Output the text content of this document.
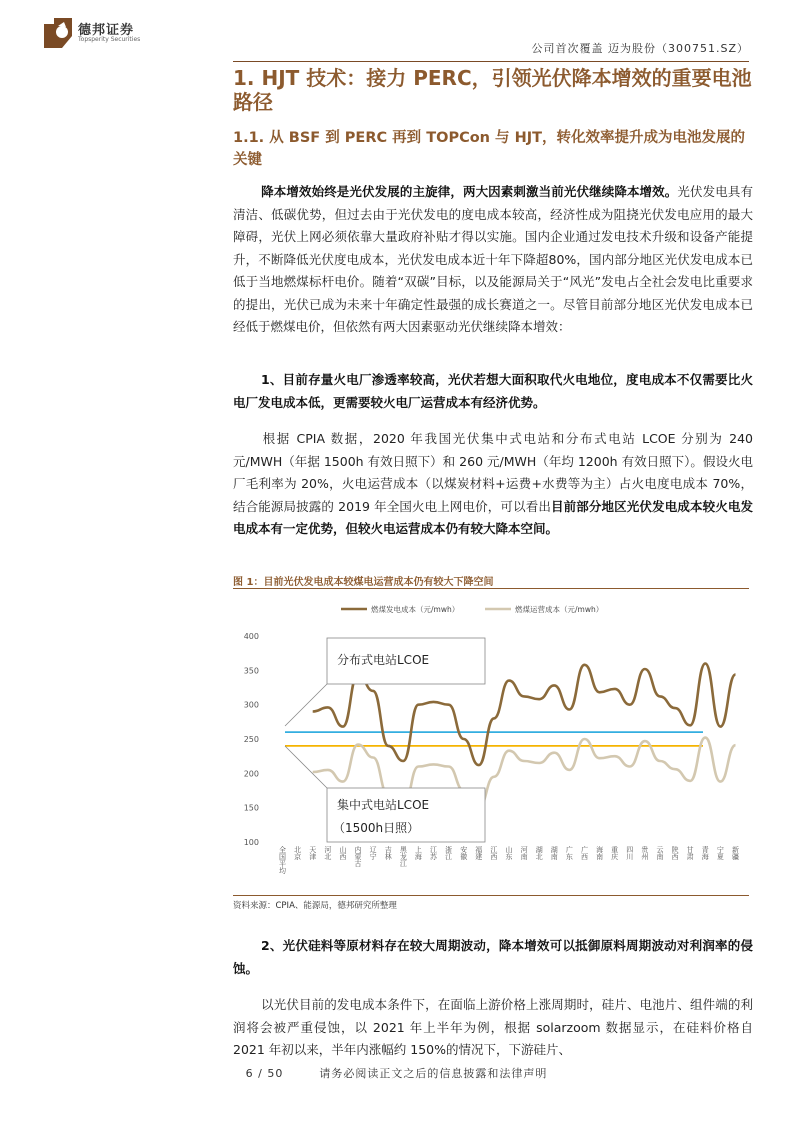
德邦证券
Topsperity Securities
公司首次覆盖 迈为股份（300751.SZ）
1. HJT 技术：接力 PERC，引领光伏降本增效的重要电池路径
1.1. 从 BSF 到 PERC 再到 TOPCon 与 HJT，转化效率提升成为电池发展的关键
降本增效始终是光伏发展的主旋律，两大因素刺激当前光伏继续降本增效。光伏发电具有清洁、低碳优势，但过去由于光伏发电的度电成本较高，经济性成为阻挠光伏发电应用的最大障碍，光伏上网必须依靠大量政府补贴才得以实施。国内企业通过发电技术升级和设备产能提升，不断降低光伏度电成本，光伏发电成本近十年下降超80%，国内部分地区光伏发电成本已低于当地燃煤标杆电价。随着“双碳”目标，以及能源局关于“风光”发电占全社会发电比重要求的提出，光伏已成为未来十年确定性最强的成长赛道之一。尽管目前部分地区光伏发电成本已经低于燃煤电价，但依然有两大因素驱动光伏继续降本增效：
1、目前存量火电厂渗透率较高，光伏若想大面积取代火电地位，度电成本不仅需要比火电厂发电成本低，更需要较火电厂运营成本有经济优势。
根据 CPIA 数据，2020 年我国光伏集中式电站和分布式电站 LCOE 分别为 240 元/MWH（年据 1500h 有效日照下）和 260 元/MWH（年均 1200h 有效日照下）。假设火电厂毛利率为 20%，火电运营成本（以煤炭材料+运费+水费等为主）占火电度电成本 70%，结合能源局披露的 2019 年全国火电上网电价，可以看出目前部分地区光伏发电成本较火电发电成本有一定优势，但较火电运营成本仍有较大降本空间。
图 1：目前光伏发电成本较煤电运营成本仍有较大下降空间
燃煤发电成本（元/mwh）	燃煤运营成本（元/mwh）
400
350
300
250
200
150
100
全国平均 北京 天津 河北 山西 内蒙古 辽宁 吉林 黑龙江 上海 江苏 浙江 安徽 福建 江西 山东 河南 湖北 湖南 广东 广西 海南 重庆 四川 贵州 云南 陕西 甘肃 青海 宁夏 新疆
分布式电站LCOE
集中式电站LCOE
（1500h日照）
资料来源：CPIA、能源局，德邦研究所整理
2、光伏硅料等原材料存在较大周期波动，降本增效可以抵御原料周期波动对利润率的侵蚀。
以光伏目前的发电成本条件下，在面临上游价格上涨周期时，硅片、电池片、组件端的利润将会被严重侵蚀，以 2021 年上半年为例，根据 solarzoom 数据显示，在硅料价格自 2021 年初以来，半年内涨幅约 150%的情况下，下游硅片、
6 / 50	请务必阅读正文之后的信息披露和法律声明
